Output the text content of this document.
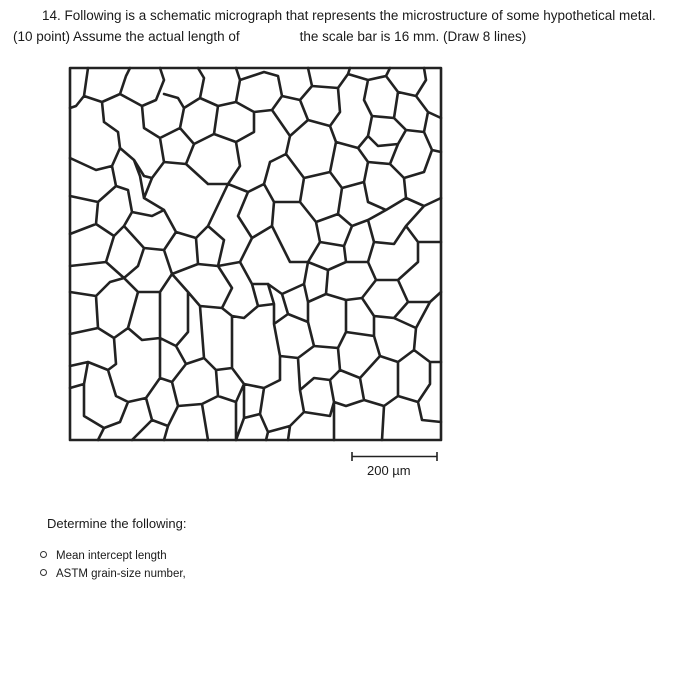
14. Following is a schematic micrograph that represents the microstructure of some hypothetical metal.
(10 point) Assume the actual length of	the scale bar is 16 mm. (Draw 8 lines)
200 µm
Determine the following:
Mean intercept length
ASTM grain-size number,
